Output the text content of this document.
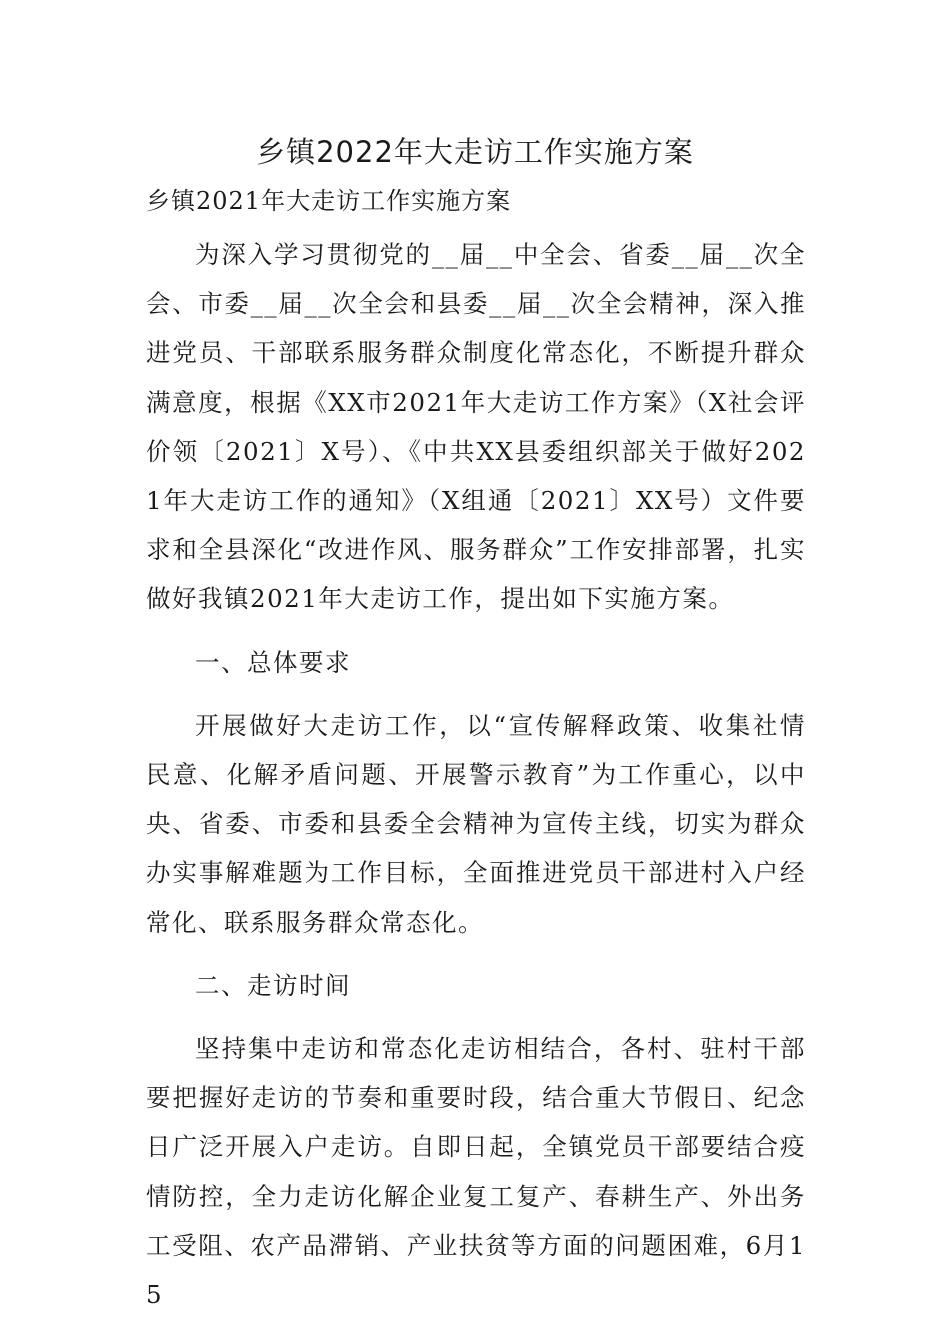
乡镇2022年大走访工作实施方案
乡镇2021年大走访工作实施方案

为深入学习贯彻党的__届__中全会、省委__届__次全会、市委__届__次全会和县委__届__次全会精神，深入推进党员、干部联系服务群众制度化常态化，不断提升群众满意度，根据《XX市2021年大走访工作方案》（X社会评价领〔2021〕X号）、《中共XX县委组织部关于做好2021年大走访工作的通知》（X组通〔2021〕XX号）文件要求和全县深化“改进作风、服务群众”工作安排部署，扎实做好我镇2021年大走访工作，提出如下实施方案。

一、总体要求

开展做好大走访工作，以“宣传解释政策、收集社情民意、化解矛盾问题、开展警示教育”为工作重心，以中央、省委、市委和县委全会精神为宣传主线，切实为群众办实事解难题为工作目标，全面推进党员干部进村入户经常化、联系服务群众常态化。

二、走访时间

坚持集中走访和常态化走访相结合，各村、驻村干部要把握好走访的节奏和重要时段，结合重大节假日、纪念日广泛开展入户走访。自即日起，全镇党员干部要结合疫情防控，全力走访化解企业复工复产、春耕生产、外出务工受阻、农产品滞销、产业扶贫等方面的问题困难，6月15
